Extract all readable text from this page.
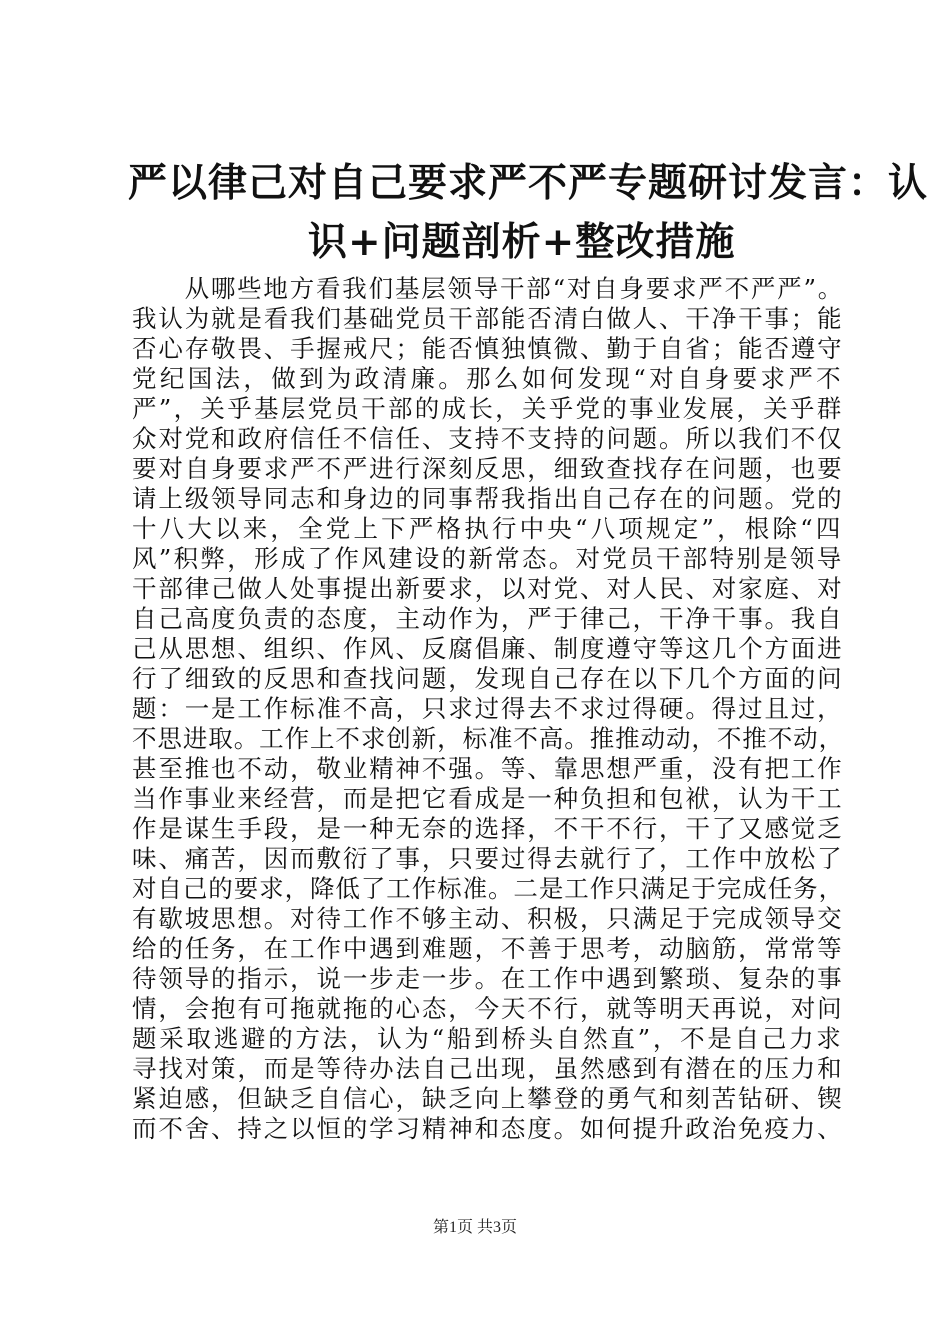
严以律己对自己要求严不严专题研讨发言：认
识+问题剖析+整改措施
　　从哪些地方看我们基层领导干部“对自身要求严不严严”。
我认为就是看我们基础党员干部能否清白做人、干净干事；能
否心存敬畏、手握戒尺；能否慎独慎微、勤于自省；能否遵守
党纪国法，做到为政清廉。那么如何发现“对自身要求严不
严”，关乎基层党员干部的成长，关乎党的事业发展，关乎群
众对党和政府信任不信任、支持不支持的问题。所以我们不仅
要对自身要求严不严进行深刻反思，细致查找存在问题，也要
请上级领导同志和身边的同事帮我指出自己存在的问题。党的
十八大以来，全党上下严格执行中央“八项规定”，根除“四
风”积弊，形成了作风建设的新常态。对党员干部特别是领导
干部律己做人处事提出新要求，以对党、对人民、对家庭、对
自己高度负责的态度，主动作为，严于律己，干净干事。我自
己从思想、组织、作风、反腐倡廉、制度遵守等这几个方面进
行了细致的反思和查找问题，发现自己存在以下几个方面的问
题：一是工作标准不高，只求过得去不求过得硬。得过且过，
不思进取。工作上不求创新，标准不高。推推动动，不推不动，
甚至推也不动，敬业精神不强。等、靠思想严重，没有把工作
当作事业来经营，而是把它看成是一种负担和包袱，认为干工
作是谋生手段，是一种无奈的选择，不干不行，干了又感觉乏
味、痛苦，因而敷衍了事，只要过得去就行了，工作中放松了
对自己的要求，降低了工作标准。二是工作只满足于完成任务，
有歇坡思想。对待工作不够主动、积极，只满足于完成领导交
给的任务，在工作中遇到难题，不善于思考，动脑筋，常常等
待领导的指示，说一步走一步。在工作中遇到繁琐、复杂的事
情，会抱有可拖就拖的心态，今天不行，就等明天再说，对问
题采取逃避的方法，认为“船到桥头自然直”，不是自己力求
寻找对策，而是等待办法自己出现，虽然感到有潜在的压力和
紧迫感，但缺乏自信心，缺乏向上攀登的勇气和刻苦钻研、锲
而不舍、持之以恒的学习精神和态度。如何提升政治免疫力、
第1页 共3页
